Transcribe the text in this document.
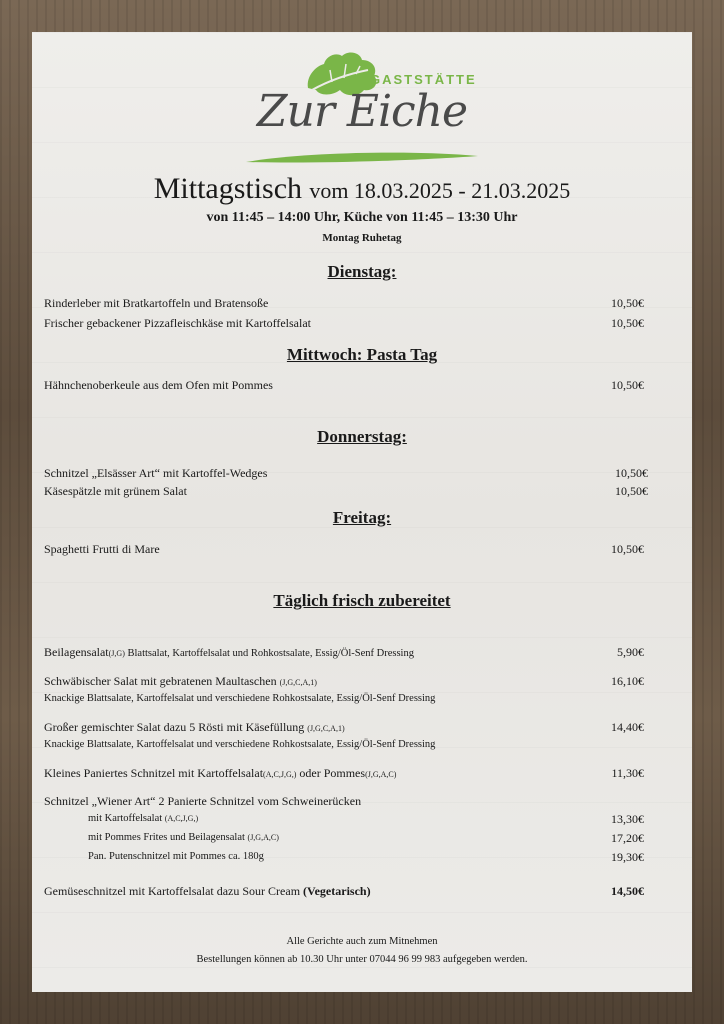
GASTSTÄTTE
Zur Eiche
Mittagstisch vom 18.03.2025 - 21.03.2025
von 11:45 – 14:00 Uhr, Küche von 11:45 – 13:30 Uhr
Montag Ruhetag
Dienstag:
Rinderleber mit Bratkartoffeln und Bratensoße	10,50€
Frischer gebackener Pizzafleischkäse mit Kartoffelsalat	10,50€
Mittwoch: Pasta Tag
Hähnchenoberkeule aus dem Ofen mit Pommes	10,50€
Donnerstag:
Schnitzel „Elsässer Art“ mit Kartoffel-Wedges	10,50€
Käsespätzle mit grünem Salat	10,50€
Freitag:
Spaghetti Frutti di Mare	10,50€
Täglich frisch zubereitet
Beilagensalat(J,G) Blattsalat, Kartoffelsalat und Rohkostsalate, Essig/Öl-Senf Dressing	5,90€
Schwäbischer Salat mit gebratenen Maultaschen (J,G,C,A,1)	16,10€
Knackige Blattsalate, Kartoffelsalat und verschiedene Rohkostsalate, Essig/Öl-Senf Dressing
Großer gemischter Salat dazu 5 Rösti mit Käsefüllung (J,G,C,A,1)	14,40€
Knackige Blattsalate, Kartoffelsalat und verschiedene Rohkostsalate, Essig/Öl-Senf Dressing
Kleines Paniertes Schnitzel mit Kartoffelsalat(A,C,J,G,) oder Pommes(J,G,A,C)	11,30€
Schnitzel „Wiener Art“ 2 Panierte Schnitzel vom Schweinerücken
mit Kartoffelsalat (A,C,J,G,)	13,30€
mit Pommes Frites und Beilagensalat (J,G,A,C)	17,20€
Pan. Putenschnitzel mit Pommes ca. 180g	19,30€
Gemüseschnitzel mit Kartoffelsalat dazu Sour Cream (Vegetarisch)	14,50€
Alle Gerichte auch zum Mitnehmen
Bestellungen können ab 10.30 Uhr unter 07044 96 99 983 aufgegeben werden.
